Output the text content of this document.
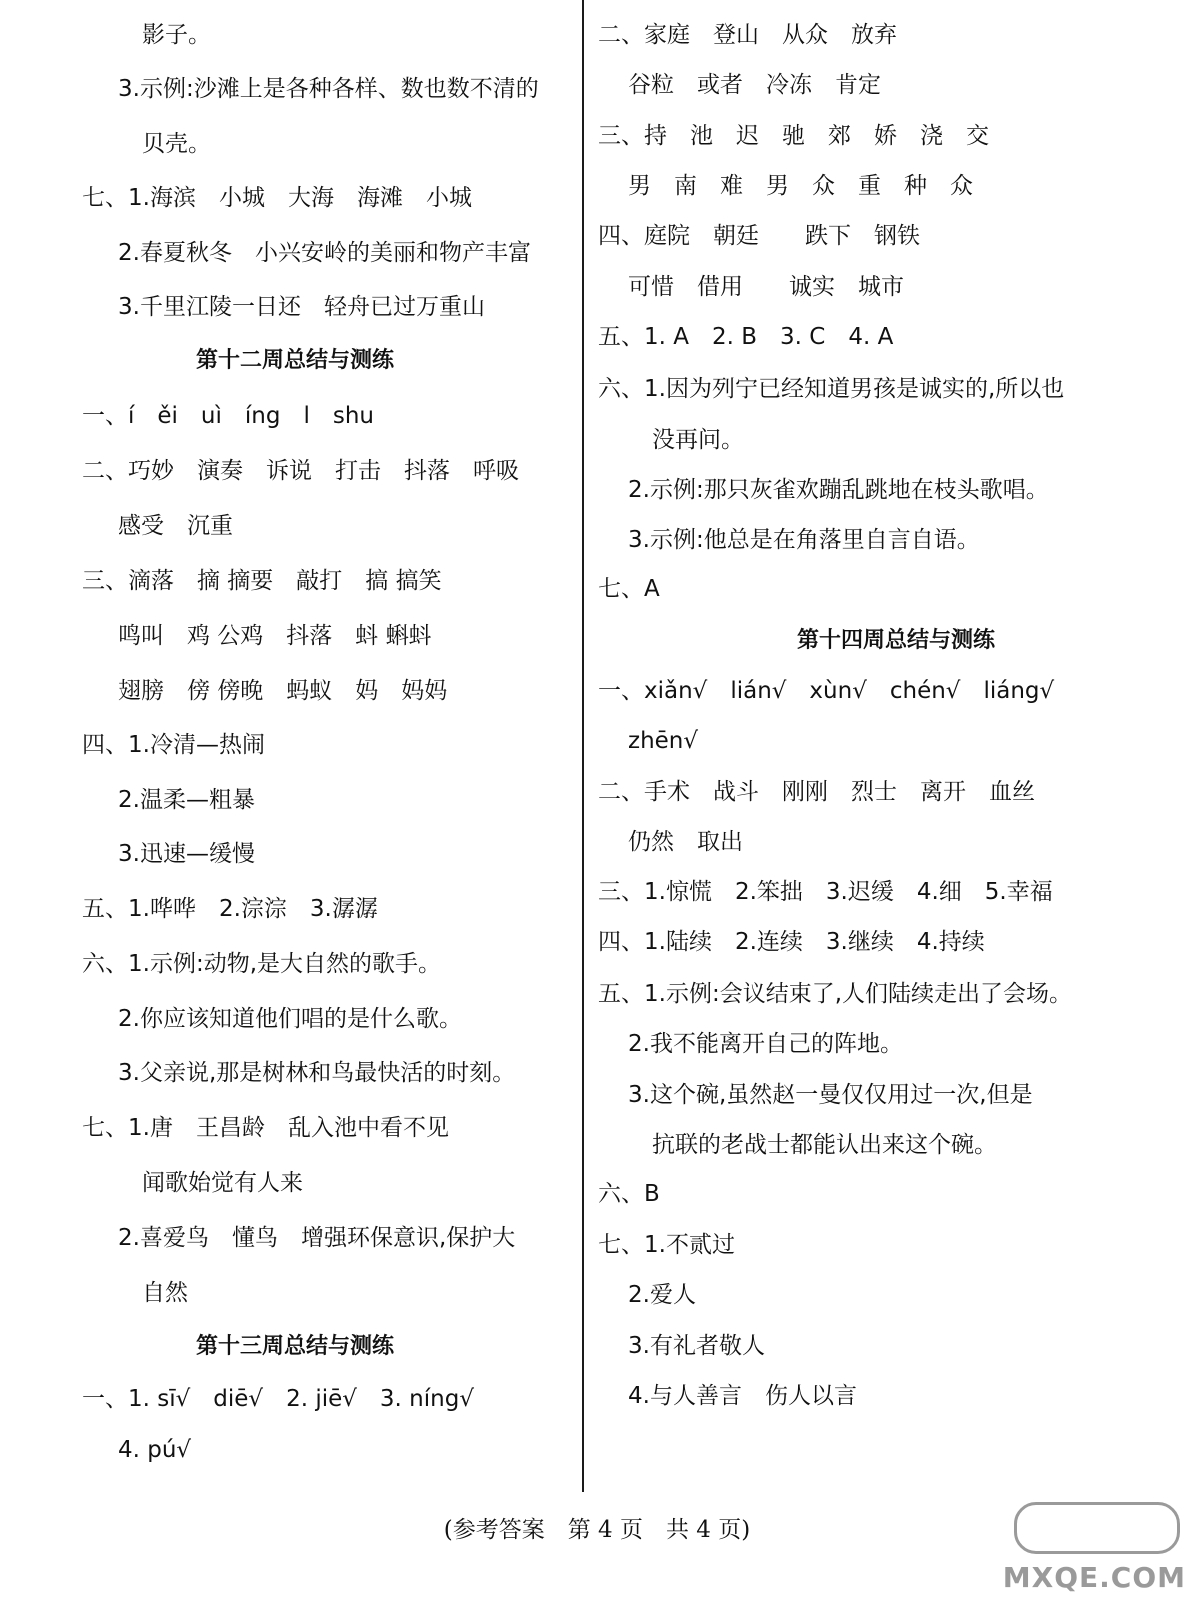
影子。
3.示例:沙滩上是各种各样、数也数不清的
贝壳。
七、1.海滨　小城　大海　海滩　小城
2.春夏秋冬　小兴安岭的美丽和物产丰富
3.千里江陵一日还　轻舟已过万重山
第十二周总结与测练
一、í　ěi　uì　íng　l　shu
二、巧妙　演奏　诉说　打击　抖落　呼吸
感受　沉重
三、滴落　摘 摘要　敲打　搞 搞笑
鸣叫　鸡 公鸡　抖落　蚪 蝌蚪
翅膀　傍 傍晚　蚂蚁　妈　妈妈
四、1.冷清—热闹
2.温柔—粗暴
3.迅速—缓慢
五、1.哗哗　2.淙淙　3.潺潺
六、1.示例:动物,是大自然的歌手。
2.你应该知道他们唱的是什么歌。
3.父亲说,那是树林和鸟最快活的时刻。
七、1.唐　王昌龄　乱入池中看不见
闻歌始觉有人来
2.喜爱鸟　懂鸟　增强环保意识,保护大
自然
第十三周总结与测练
一、1. sī√　diē√　2. jiē√　3. níng√
4. pú√
二、家庭　登山　从众　放弃
谷粒　或者　冷冻　肯定
三、持　池　迟　驰　郊　娇　浇　交
男　南　难　男　众　重　种　众
四、庭院　朝廷　　跌下　钢铁
可惜　借用　　诚实　城市
五、1. A　2. B　3. C　4. A
六、1.因为列宁已经知道男孩是诚实的,所以也
没再问。
2.示例:那只灰雀欢蹦乱跳地在枝头歌唱。
3.示例:他总是在角落里自言自语。
七、A
第十四周总结与测练
一、xiǎn√　lián√　xùn√　chén√　liáng√
zhēn√
二、手术　战斗　刚刚　烈士　离开　血丝
仍然　取出
三、1.惊慌　2.笨拙　3.迟缓　4.细　5.幸福
四、1.陆续　2.连续　3.继续　4.持续
五、1.示例:会议结束了,人们陆续走出了会场。
2.我不能离开自己的阵地。
3.这个碗,虽然赵一曼仅仅用过一次,但是
抗联的老战士都能认出来这个碗。
六、B
七、1.不贰过
2.爱人
3.有礼者敬人
4.与人善言　伤人以言
(参考答案　第 4 页　共 4 页)
MXQE.COM
